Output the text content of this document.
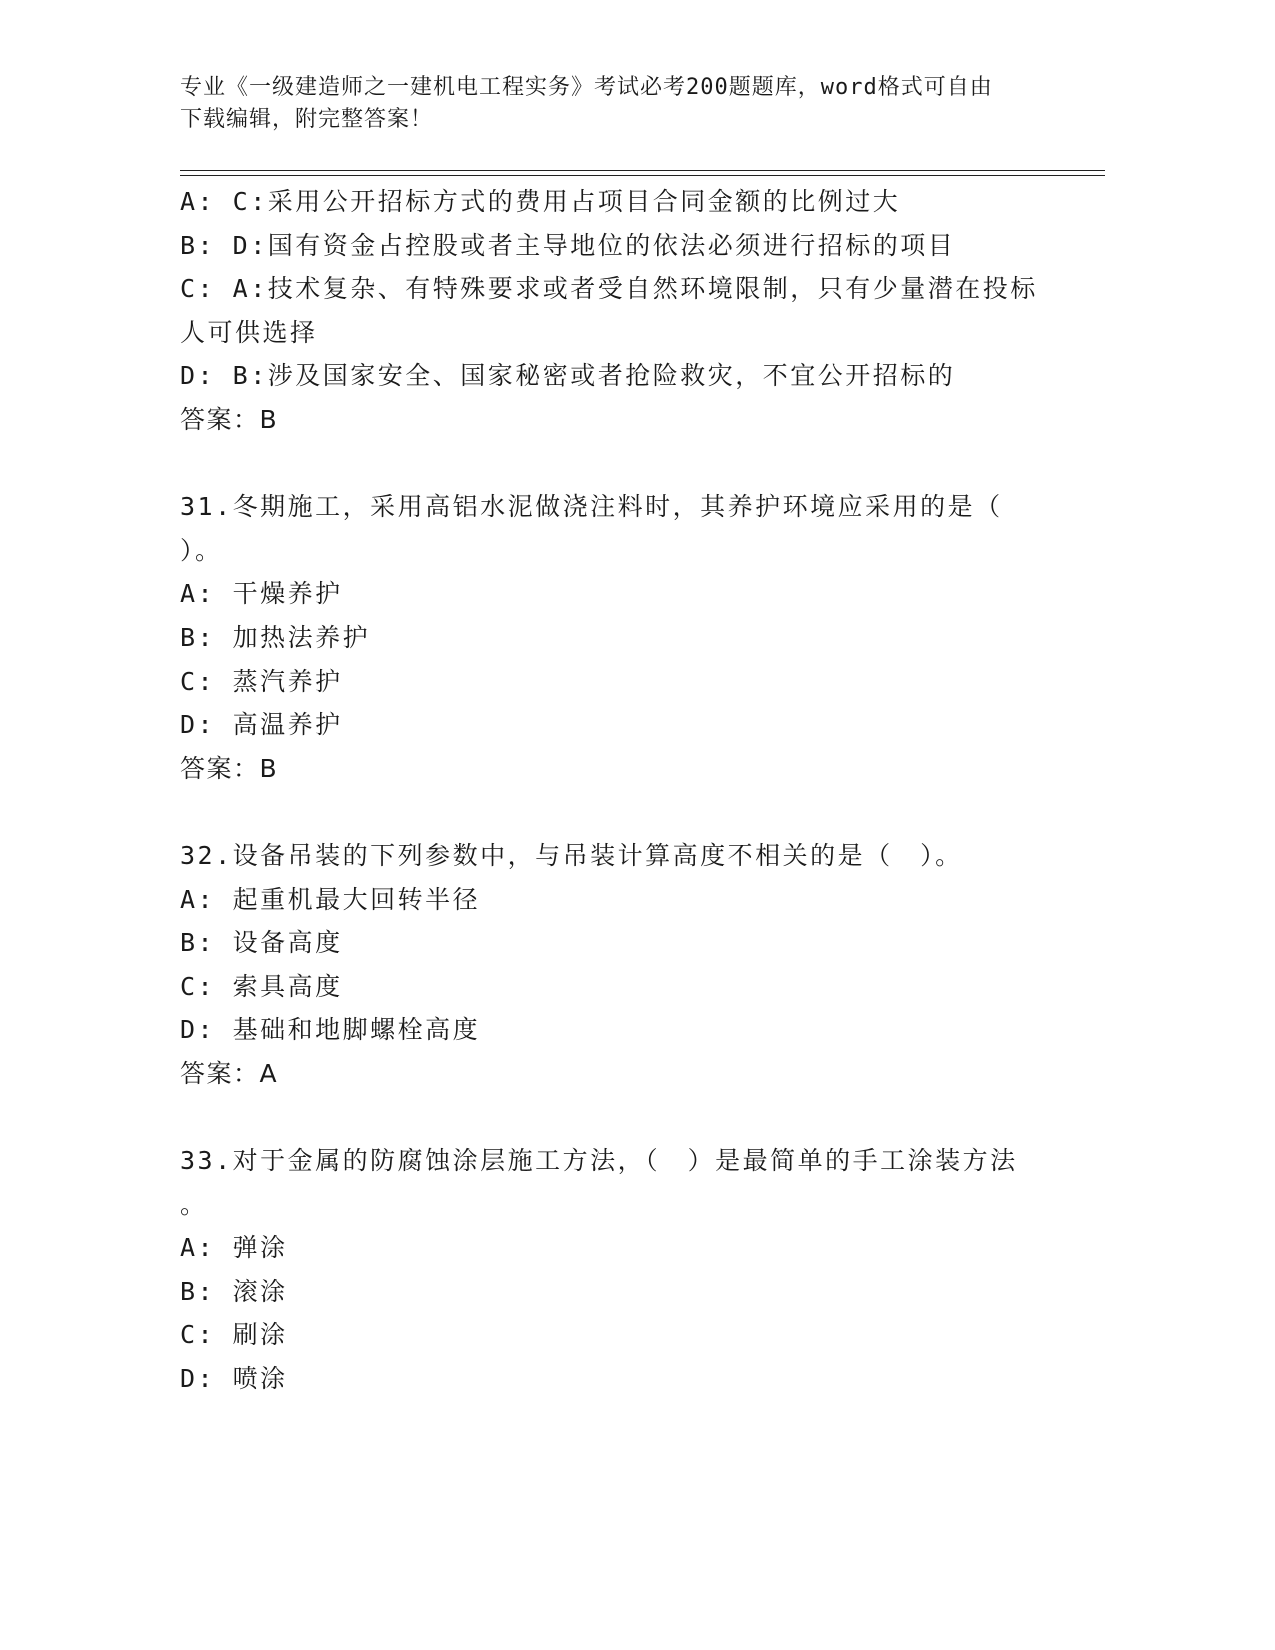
专业《一级建造师之一建机电工程实务》考试必考200题题库，word格式可自由
下载编辑，附完整答案！
A: C:采用公开招标方式的费用占项目合同金额的比例过大
B: D:国有资金占控股或者主导地位的依法必须进行招标的项目
C: A:技术复杂、有特殊要求或者受自然环境限制，只有少量潜在投标
人可供选择
D: B:涉及国家安全、国家秘密或者抢险救灾，不宜公开招标的
答案：B
31.冬期施工，采用高铝水泥做浇注料时，其养护环境应采用的是（
）。
A: 干燥养护
B: 加热法养护
C: 蒸汽养护
D: 高温养护
答案：B
32.设备吊装的下列参数中，与吊装计算高度不相关的是（　）。
A: 起重机最大回转半径
B: 设备高度
C: 索具高度
D: 基础和地脚螺栓高度
答案：A
33.对于金属的防腐蚀涂层施工方法，（　）是最简单的手工涂装方法
。
A: 弹涂
B: 滚涂
C: 刷涂
D: 喷涂
